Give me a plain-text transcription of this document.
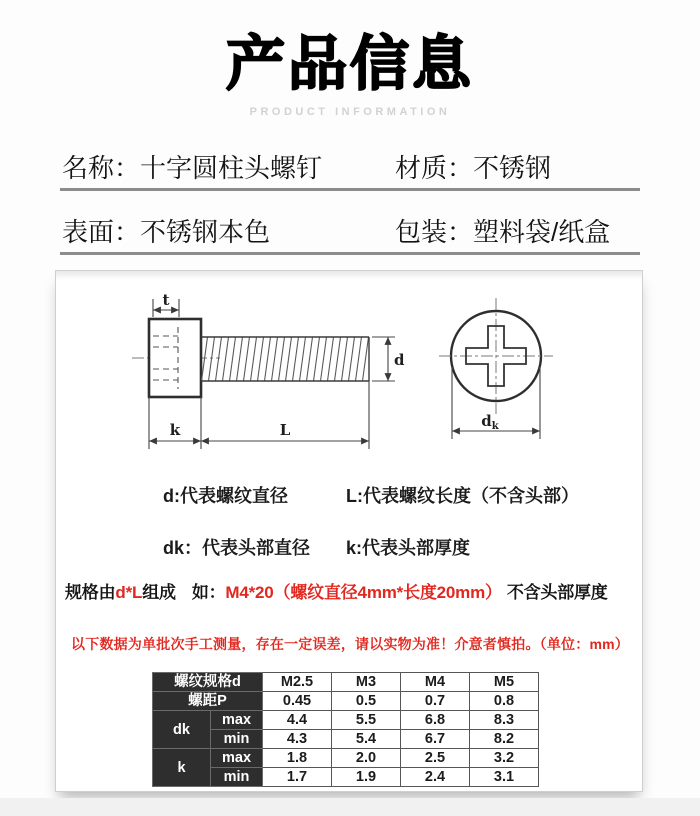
产品信息
PRODUCT INFORMATION
名称：十字圆柱头螺钉	材质：不锈钢
表面：不锈钢本色	包装：塑料袋/纸盒
t
d
k	L	$d_k$
d:代表螺纹直径	L:代表螺纹长度（不含头部）
dk：代表头部直径 k:代表头部厚度
规格由d*L组成 如：M4*20（螺纹直径4mm*长度20mm） 不含头部厚度
以下数据为单批次手工测量，存在一定误差，请以实物为准！介意者慎拍。（单位：mm）
螺纹规格d		M2.5	M3	M4	M5
螺距P		0.45	0.5	0.7	0.8
dk	max	4.4	5.5	6.8	8.3
	min	4.3	5.4	6.7	8.2
k	max	1.8	2.0	2.5	3.2
	min	1.7	1.9	2.4	3.1
